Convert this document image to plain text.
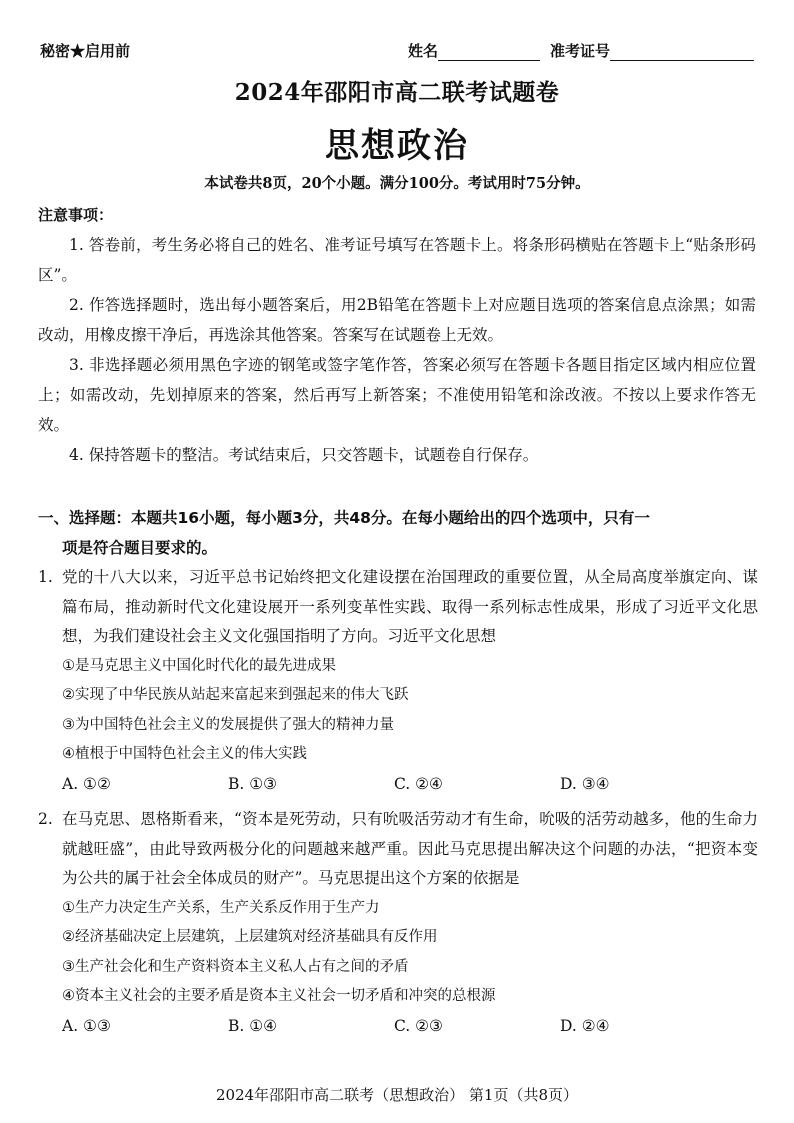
秘密★启用前	姓名	准考证号
2024年邵阳市高二联考试题卷
思想政治
本试卷共8页，20个小题。满分100分。考试用时75分钟。
注意事项：

1. 答卷前，考生务必将自己的姓名、准考证号填写在答题卡上。将条形码横贴在答题卡上“贴条形码区”。

2. 作答选择题时，选出每小题答案后，用2B铅笔在答题卡上对应题目选项的答案信息点涂黑；如需改动，用橡皮擦干净后，再选涂其他答案。答案写在试题卷上无效。

3. 非选择题必须用黑色字迹的钢笔或签字笔作答，答案必须写在答题卡各题目指定区域内相应位置上；如需改动，先划掉原来的答案，然后再写上新答案；不准使用铅笔和涂改液。不按以上要求作答无效。

4. 保持答题卡的整洁。考试结束后，只交答题卡，试题卷自行保存。

一、选择题：本题共16小题，每小题3分，共48分。在每小题给出的四个选项中，只有一
项是符合题目要求的。

1. 党的十八大以来，习近平总书记始终把文化建设摆在治国理政的重要位置，从全局高度举旗定向、谋篇布局，推动新时代文化建设展开一系列变革性实践、取得一系列标志性成果，形成了习近平文化思想，为我们建设社会主义文化强国指明了方向。习近平文化思想

①是马克思主义中国化时代化的最先进成果
②实现了中华民族从站起来富起来到强起来的伟大飞跃
③为中国特色社会主义的发展提供了强大的精神力量
④植根于中国特色社会主义的伟大实践
A. ①②	B. ①③	C. ②④	D. ③④

2. 在马克思、恩格斯看来，“资本是死劳动，只有吮吸活劳动才有生命，吮吸的活劳动越多，他的生命力就越旺盛”，由此导致两极分化的问题越来越严重。因此马克思提出解决这个问题的办法，“把资本变为公共的属于社会全体成员的财产”。马克思提出这个方案的依据是

①生产力决定生产关系，生产关系反作用于生产力
②经济基础决定上层建筑，上层建筑对经济基础具有反作用
③生产社会化和生产资料资本主义私人占有之间的矛盾
④资本主义社会的主要矛盾是资本主义社会一切矛盾和冲突的总根源
A. ①③	B. ①④	C. ②③	D. ②④
2024年邵阳市高二联考（思想政治） 第1页（共8页）
